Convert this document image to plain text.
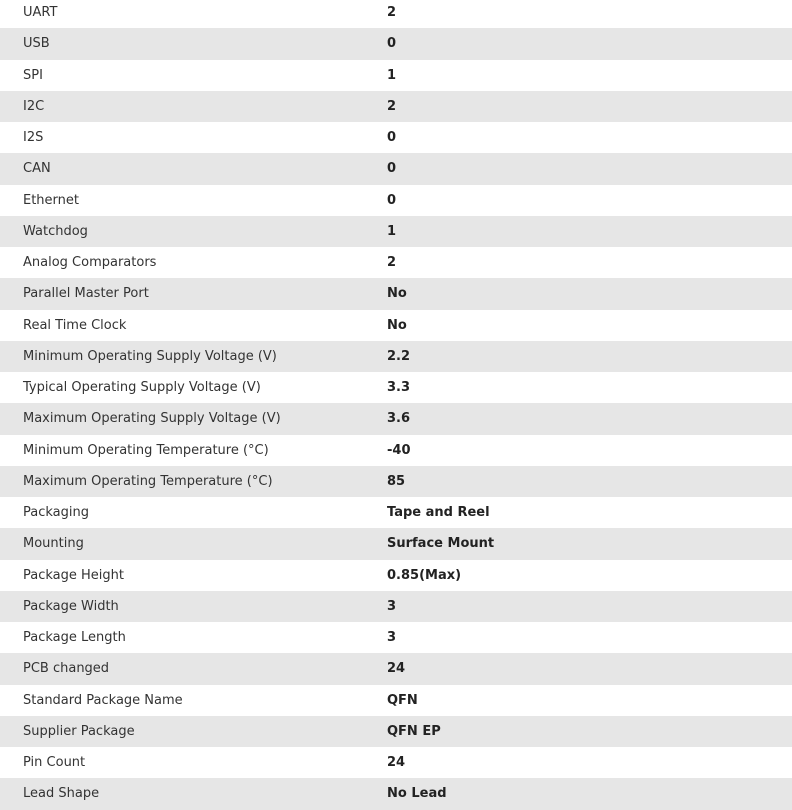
UART	2
USB	0
SPI	1
I2C	2
I2S	0
CAN	0
Ethernet	0
Watchdog	1
Analog Comparators	2
Parallel Master Port	No
Real Time Clock	No
Minimum Operating Supply Voltage (V)	2.2
Typical Operating Supply Voltage (V)	3.3
Maximum Operating Supply Voltage (V)	3.6
Minimum Operating Temperature (°C)	-40
Maximum Operating Temperature (°C)	85
Packaging	Tape and Reel
Mounting	Surface Mount
Package Height	0.85(Max)
Package Width	3
Package Length	3
PCB changed	24
Standard Package Name	QFN
Supplier Package	QFN EP
Pin Count	24
Lead Shape	No Lead
